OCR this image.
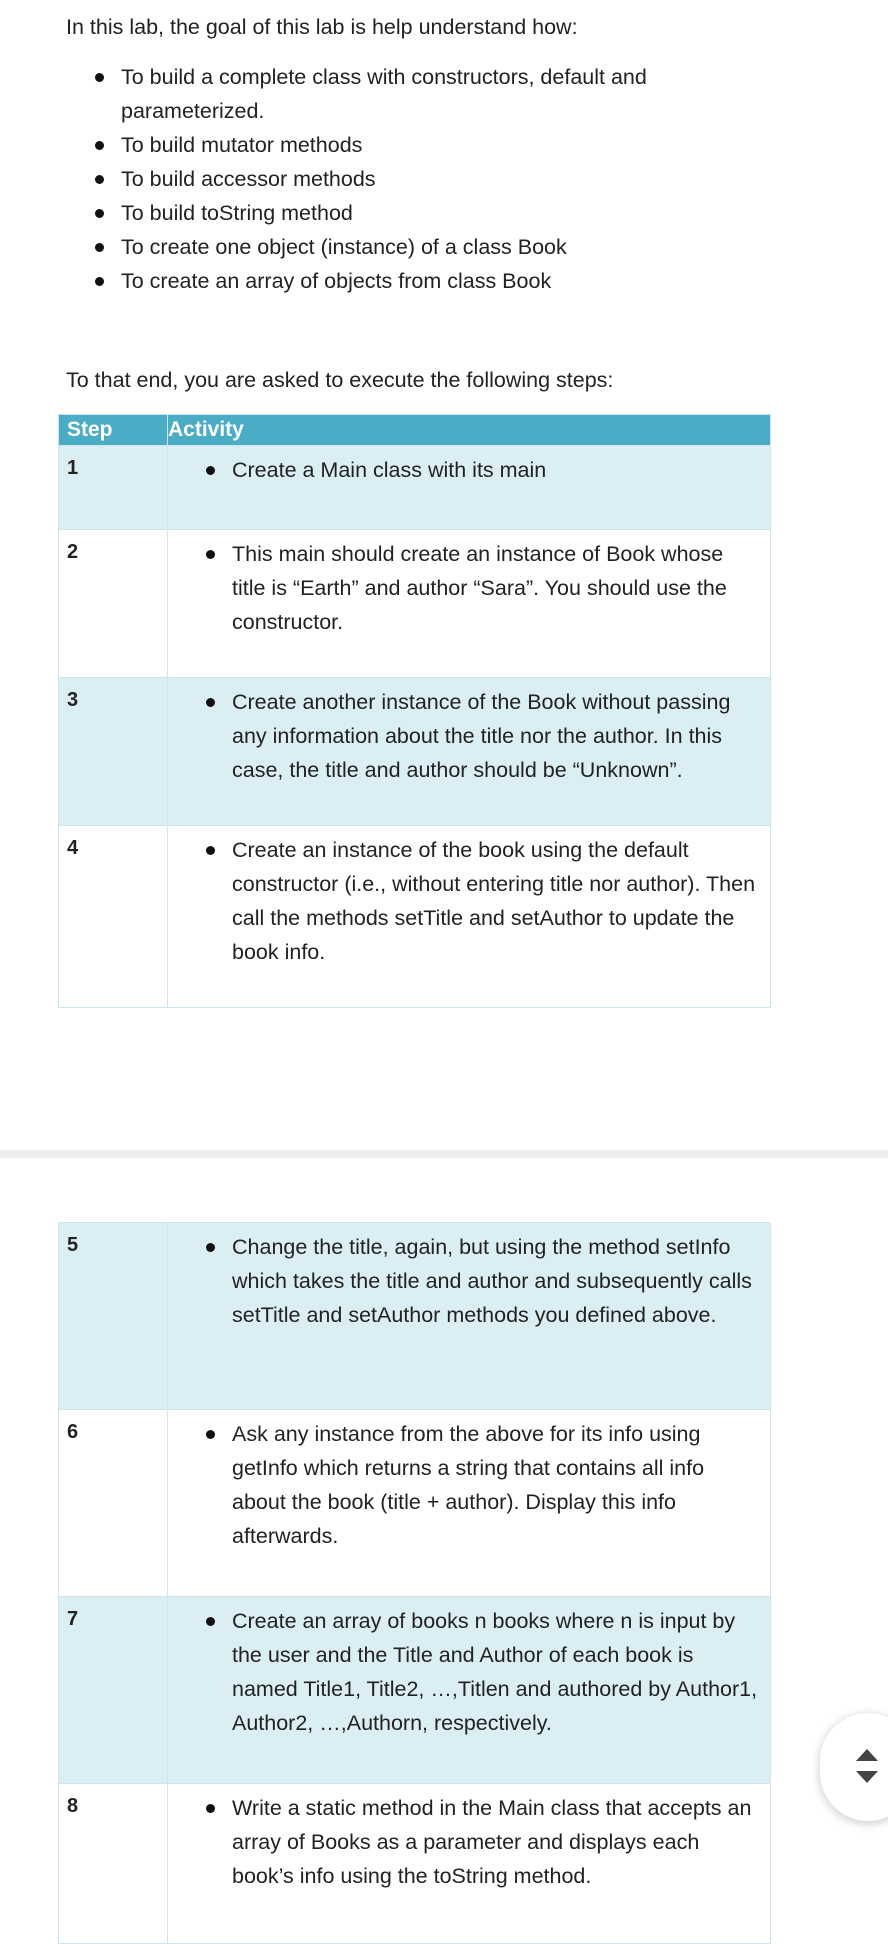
In this lab, the goal of this lab is help understand how:
To build a complete class with constructors, default and parameterized.
To build mutator methods
To build accessor methods
To build toString method
To create one object (instance) of a class Book
To create an array of objects from class Book
To that end, you are asked to execute the following steps:
Step	Activity
1	Create a Main class with its main

2	This main should create an instance of Book whose title is “Earth” and author “Sara”. You should use the constructor.

3	Create another instance of the Book without passing any information about the title nor the author. In this case, the title and author should be “Unknown”.

4	Create an instance of the book using the default constructor (i.e., without entering title nor author). Then call the methods setTitle and setAuthor to update the book info.
5	Change the title, again, but using the method setInfo which takes the title and author and subsequently calls setTitle and setAuthor methods you defined above.

6	Ask any instance from the above for its info using getInfo which returns a string that contains all info about the book (title + author). Display this info afterwards.

7	Create an array of books n books where n is input by the user and the Title and Author of each book is named Title1, Title2, …,Titlen and authored by Author1, Author2, …,Authorn, respectively.

8	Write a static method in the Main class that accepts an array of Books as a parameter and displays each book’s info using the toString method.
